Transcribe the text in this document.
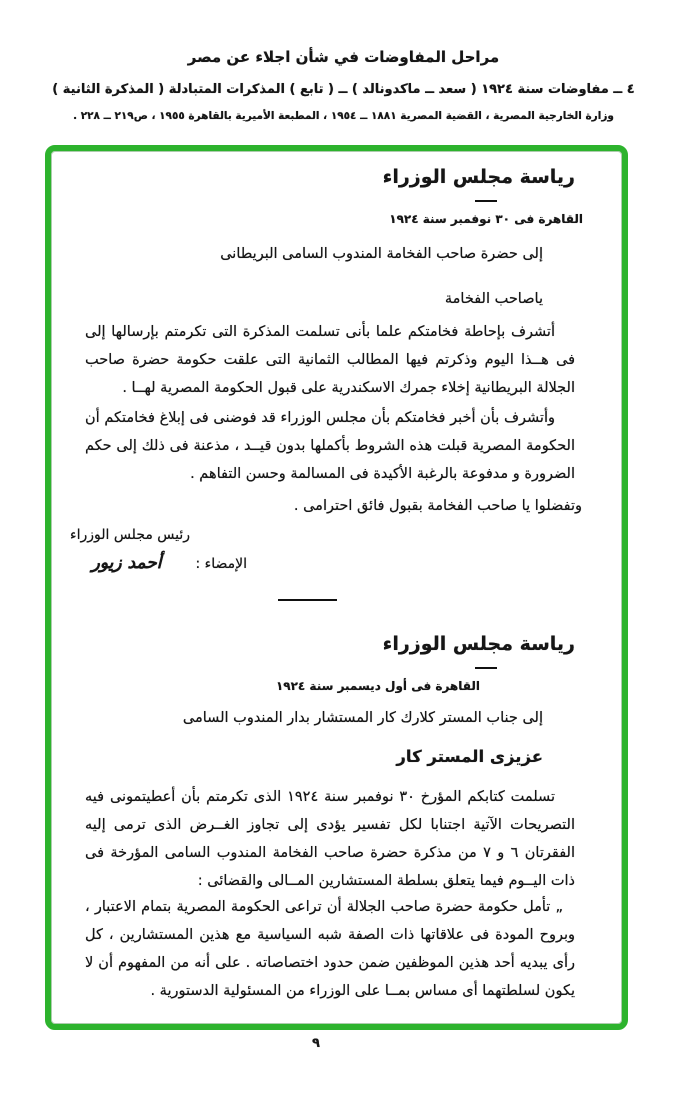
مراحل المفاوضات في شأن اجلاء عن مصر
٤ ــ مفاوضات سنة ١٩٢٤ ( سعد ــ ماكدونالد ) ــ ( تابع ) المذكرات المتبادلة ( المذكرة الثانية )
وزارة الخارجية المصرية ، القضية المصرية ١٨٨١ ــ ١٩٥٤ ، المطبعة الأميرية بالقاهرة ١٩٥٥ ، ص٢١٩ ــ ٢٢٨ .
رياسة مجلس الوزراء
القاهرة فى ٣٠ نوفمبر سنة ١٩٢٤
إلى حضرة صاحب الفخامة المندوب السامى البريطانى
ياصاحب الفخامة
أتشرف بإحاطة فخامتكم علما بأنى تسلمت المذكرة التى تكرمتم بإرسالها إلى فى هــذا اليوم وذكرتم فيها المطالب الثمانية التى علقت حكومة حضرة صاحب الجلالة البريطانية إخلاء جمرك الاسكندرية على قبول الحكومة المصرية لهــا .
وأتشرف بأن أخبر فخامتكم بأن مجلس الوزراء قد فوضنى فى إبلاغ فخامتكم أن الحكومة المصرية قبلت هذه الشروط بأكملها بدون قيــد ، مذعنة فى ذلك إلى حكم الضرورة و مدفوعة بالرغبة الأكيدة فى المسالمة وحسن التفاهم .
وتفضلوا يا صاحب الفخامة بقبول فائق احترامى .
رئيس مجلس الوزراء
الإمضاء :
أحمد زيور
رياسة مجلس الوزراء
القاهرة فى أول ديسمبر سنة ١٩٢٤
إلى جناب المستر كلارك كار المستشار بدار المندوب السامى
عزيزى المستر كار
تسلمت كتابكم المؤرخ ٣٠ نوفمبر سنة ١٩٢٤ الذى تكرمتم بأن أعطيتمونى فيه التصريحات الآتية اجتنابا لكل تفسير يؤدى إلى تجاوز الغــرض الذى ترمى إليه الفقرتان ٦ و ٧ من مذكرة حضرة صاحب الفخامة المندوب السامى المؤرخة فى ذات اليــوم فيما يتعلق بسلطة المستشارين المــالى والقضائى :
„ تأمل حكومة حضرة صاحب الجلالة أن تراعى الحكومة المصرية بتمام الاعتبار ، وبروح المودة فى علاقاتها ذات الصفة شبه السياسية مع هذين المستشارين ، كل رأى يبديه أحد هذين الموظفين ضمن حدود اختصاصاته . على أنه من المفهوم أن لا يكون لسلطتهما أى مساس بمــا على الوزراء من المسئولية الدستورية .
٩
